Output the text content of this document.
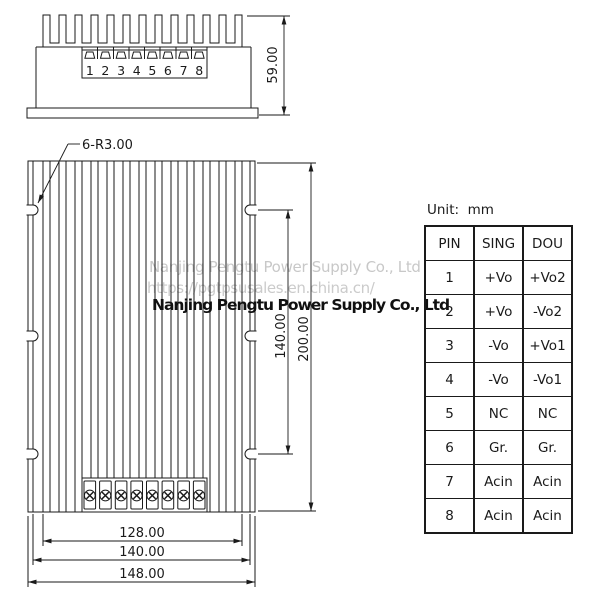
Nanjing Pengtu Power Supply Co., Ltd
https://pgtpsusales.en.china.cn/
1 2 3 4 5 6 7 8	59.00
6-R3.00
140.00 200.00
128.00
140.00
148.00
Nanjing Pengtu Power Supply Co., Ltd
Unit:  mm
PIN	SING	DOU
1	+Vo	+Vo2
2	+Vo	-Vo2
3	-Vo	+Vo1
4	-Vo	-Vo1
5	NC	NC
6	Gr.	Gr.
7	Acin	Acin
8	Acin	Acin
